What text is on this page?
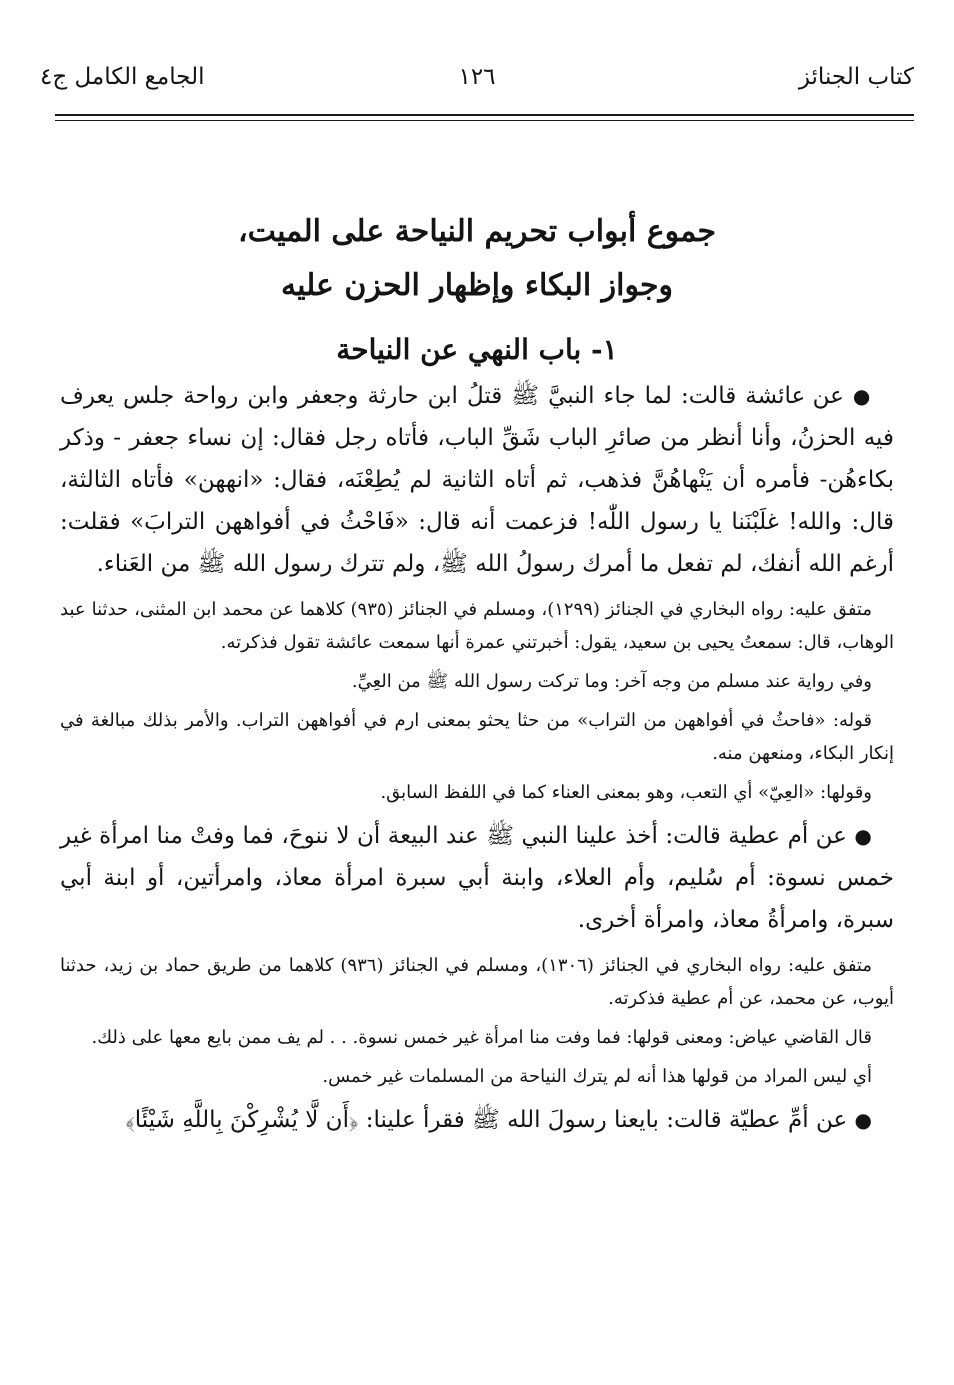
كتاب الجنائز
١٢٦
الجامع الكامل ج٤

جموع أبواب تحريم النياحة على الميت،

وجواز البكاء وإظهار الحزن عليه

١- باب النهي عن النياحة

● عن عائشة قالت: لما جاء النبيَّ ﷺ قتلُ ابن حارثة وجعفر وابن رواحة جلس يعرف فيه الحزنُ، وأنا أنظر من صائرِ الباب شَقِّ الباب، فأتاه رجل فقال: إن نساء جعفر - وذكر بكاءهُن- فأمره أن يَنْهاهُنَّ فذهب، ثم أتاه الثانية لم يُطِعْنَه، فقال: «انههن» فأتاه الثالثة، قال: والله! غلَبْنَنا يا رسول اللّٰه! فزعمت أنه قال: «فَاحْثُ في أفواههن الترابَ» فقلت: أرغم الله أنفك، لم تفعل ما أمرك رسولُ الله ﷺ، ولم تترك رسول الله ﷺ من العَناء.

متفق عليه: رواه البخاري في الجنائز (١٢٩٩)، ومسلم في الجنائز (٩٣٥) كلاهما عن محمد ابن المثنى، حدثنا عبد الوهاب، قال: سمعتُ يحيى بن سعيد، يقول: أخبرتني عمرة أنها سمعت عائشة تقول فذكرته.

وفي رواية عند مسلم من وجه آخر: وما تركت رسول الله ﷺ من العِيِّ.

قوله: «فاحثُ في أفواههن من التراب» من حثا يحثو بمعنى ارم في أفواههن التراب. والأمر بذلك مبالغة في إنكار البكاء، ومنعهن منه.

وقولها: «العِيّ» أي التعب، وهو بمعنى العناء كما في اللفظ السابق.

● عن أم عطية قالت: أخذ علينا النبي ﷺ عند البيعة أن لا ننوحَ، فما وفتْ منا امرأة غير خمس نسوة: أم سُليم، وأم العلاء، وابنة أبي سبرة امرأة معاذ، وامرأتين، أو ابنة أبي سبرة، وامرأةُ معاذ، وامرأة أخرى.

متفق عليه: رواه البخاري في الجنائز (١٣٠٦)، ومسلم في الجنائز (٩٣٦) كلاهما من طريق حماد بن زيد، حدثنا أيوب، عن محمد، عن أم عطية فذكرته.

قال القاضي عياض: ومعنى قولها: فما وفت منا امرأة غير خمس نسوة. . . لم يف ممن بايع معها على ذلك.

أي ليس المراد من قولها هذا أنه لم يترك النياحة من المسلمات غير خمس.

● عن أمِّ عطيّة قالت: بايعنا رسولَ الله ﷺ فقرأ علينا: ﴿أَن لَّا يُشْرِكْنَ بِاللَّهِ شَيْئًا﴾
